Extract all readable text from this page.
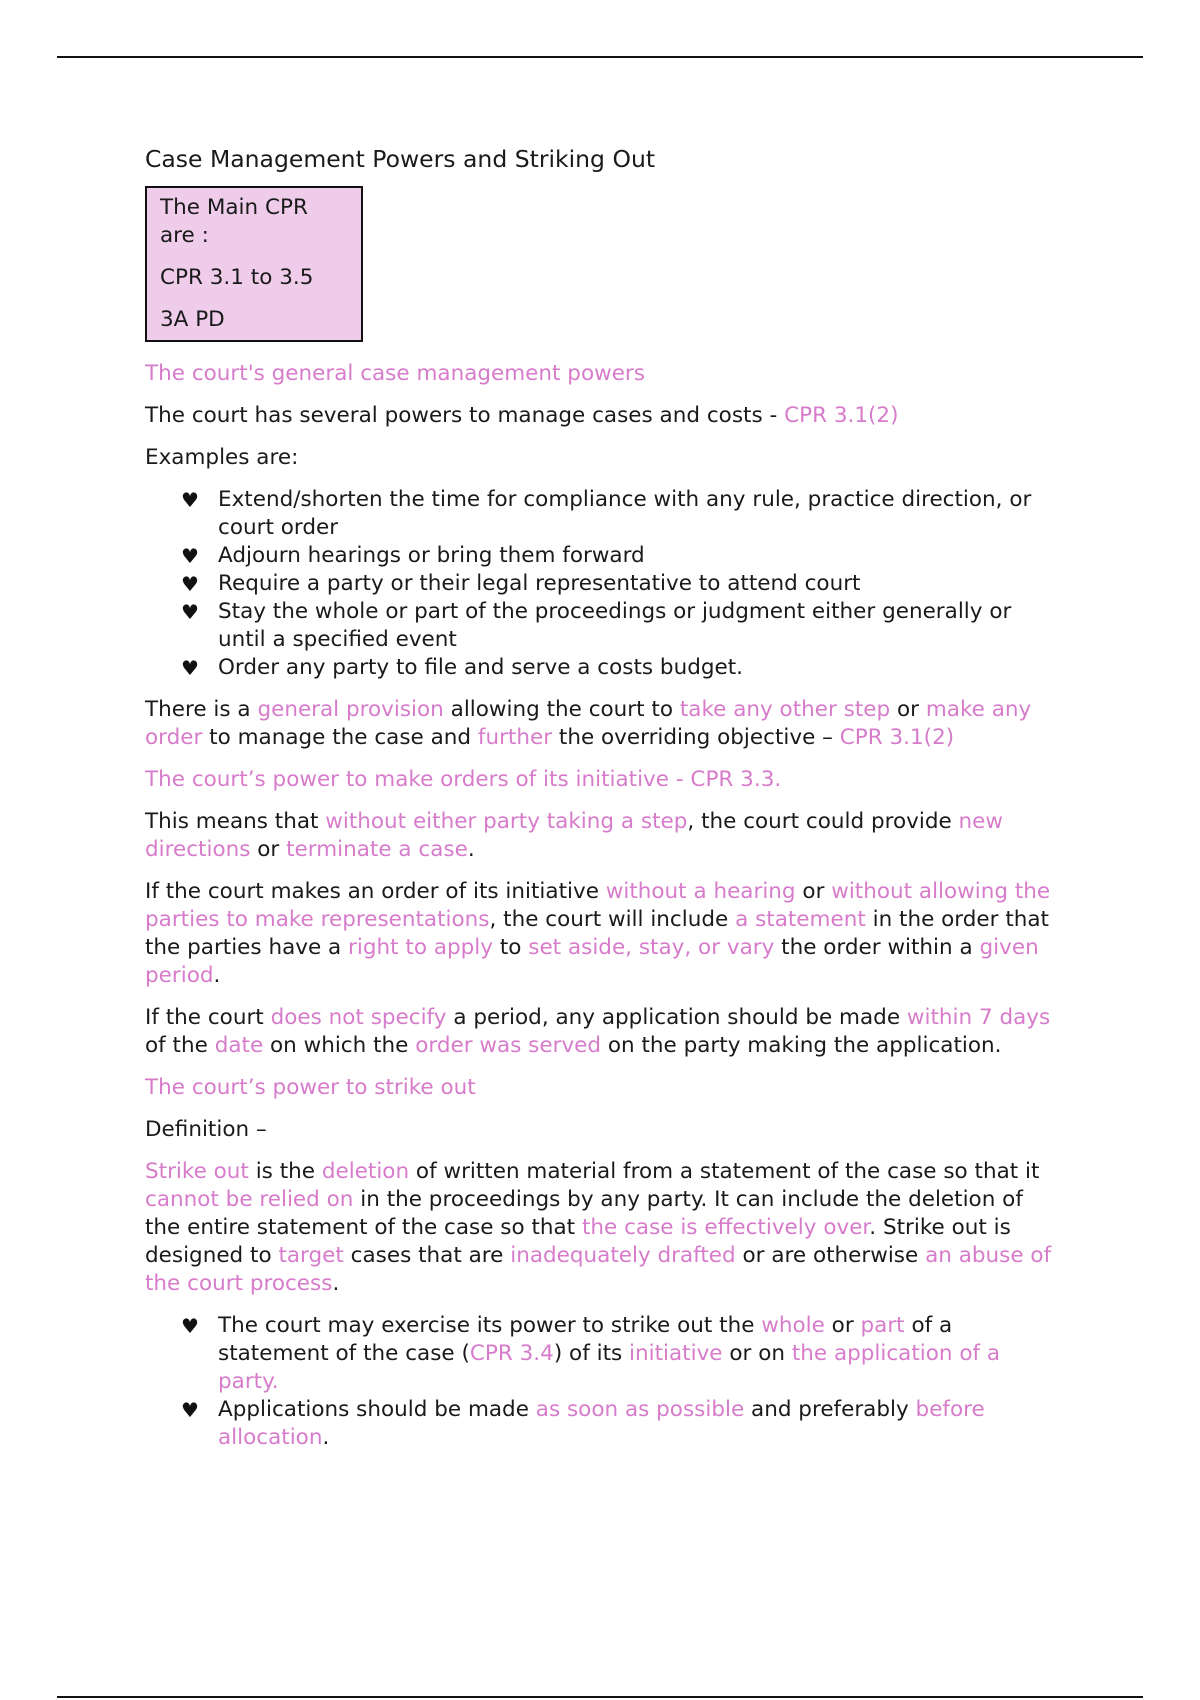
Case Management Powers and Striking Out

The Main CPR are :

CPR 3.1 to 3.5

3A PD

The court's general case management powers

The court has several powers to manage cases and costs - CPR 3.1(2)

Examples are:

♥ Extend/shorten the time for compliance with any rule, practice direction, or court order
♥ Adjourn hearings or bring them forward
♥ Require a party or their legal representative to attend court
♥ Stay the whole or part of the proceedings or judgment either generally or until a specified event
♥ Order any party to file and serve a costs budget.

There is a general provision allowing the court to take any other step or make any order to manage the case and further the overriding objective – CPR 3.1(2)

The court’s power to make orders of its initiative - CPR 3.3.

This means that without either party taking a step, the court could provide new directions or terminate a case.

If the court makes an order of its initiative without a hearing or without allowing the parties to make representations, the court will include a statement in the order that the parties have a right to apply to set aside, stay, or vary the order within a given period.

If the court does not specify a period, any application should be made within 7 days of the date on which the order was served on the party making the application.

The court’s power to strike out

Definition –

Strike out is the deletion of written material from a statement of the case so that it cannot be relied on in the proceedings by any party. It can include the deletion of the entire statement of the case so that the case is effectively over. Strike out is designed to target cases that are inadequately drafted or are otherwise an abuse of the court process.

♥ The court may exercise its power to strike out the whole or part of a statement of the case (CPR 3.4) of its initiative or on the application of a party.
♥ Applications should be made as soon as possible and preferably before allocation.
